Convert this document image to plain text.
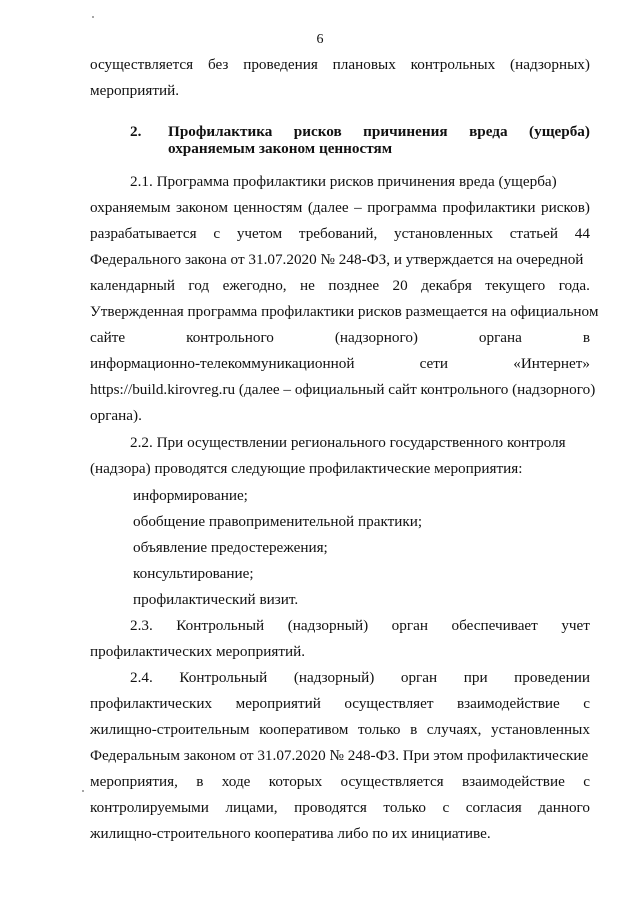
6
осуществляется без проведения плановых контрольных (надзорных)
мероприятий.
2. Профилактика рисков причинения вреда (ущерба)
охраняемым законом ценностям
2.1. Программа профилактики рисков причинения вреда (ущерба)
охраняемым законом ценностям (далее – программа профилактики рисков)
разрабатывается с учетом требований, установленных статьей 44
Федерального закона от 31.07.2020 № 248-ФЗ, и утверждается на очередной
календарный год ежегодно, не позднее 20 декабря текущего года.
Утвержденная программа профилактики рисков размещается на официальном
сайте	контрольного	(надзорного)	органа	в
информационно-телекоммуникационной	сети	«Интернет»
https://build.kirovreg.ru (далее – официальный сайт контрольного (надзорного)
органа).
2.2. При осуществлении регионального государственного контроля
(надзора) проводятся следующие профилактические мероприятия:
информирование;
обобщение правоприменительной практики;
объявление предостережения;
консультирование;
профилактический визит.
2.3. Контрольный (надзорный) орган обеспечивает учет
профилактических мероприятий.
2.4. Контрольный (надзорный) орган при проведении
профилактических мероприятий осуществляет взаимодействие с
жилищно-строительным кооперативом только в случаях, установленных
Федеральным законом от 31.07.2020 № 248-ФЗ. При этом профилактические
мероприятия, в ходе которых осуществляется взаимодействие с
контролируемыми лицами, проводятся только с согласия данного
жилищно-строительного кооператива либо по их инициативе.
